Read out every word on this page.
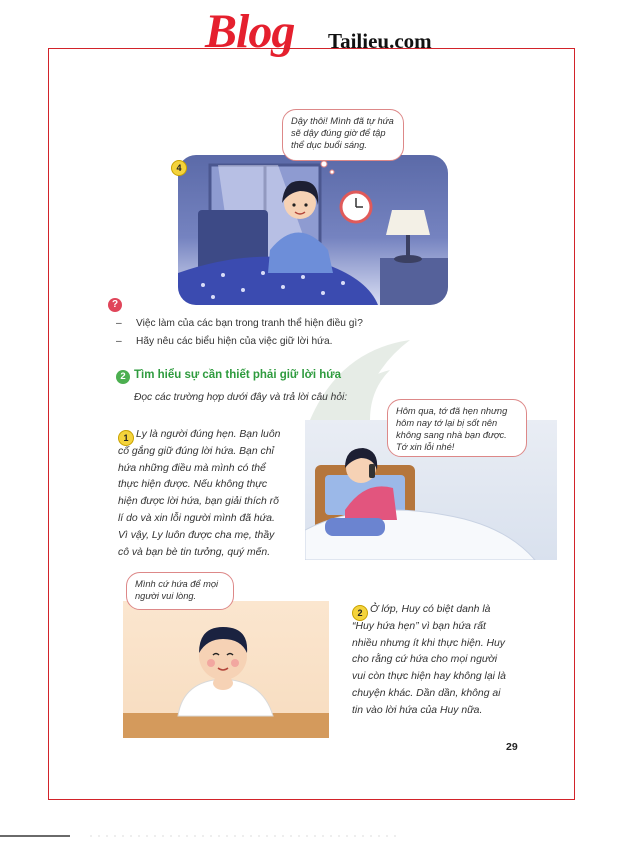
Blog Tailieu.com
4
Dậy thôi! Mình đã tự hứa sẽ dậy đúng giờ để tập thể dục buổi sáng.
?
– Việc làm của các bạn trong tranh thể hiện điều gì?
– Hãy nêu các biểu hiện của việc giữ lời hứa.
2 Tìm hiểu sự cần thiết phải giữ lời hứa
Đọc các trường hợp dưới đây và trả lời câu hỏi:
1 Ly là người đúng hẹn. Bạn luôn
cố gắng giữ đúng lời hứa. Bạn chỉ
hứa những điều mà mình có thể
thực hiện được. Nếu không thực
hiện được lời hứa, bạn giải thích rõ
lí do và xin lỗi người mình đã hứa.
Vì vậy, Ly luôn được cha mẹ, thầy
cô và bạn bè tin tưởng, quý mến.
Hôm qua, tớ đã hẹn nhưng hôm nay tớ lại bị sốt nên không sang nhà bạn được. Tớ xin lỗi nhé!
Mình cứ hứa để mọi người vui lòng.
2 Ở lớp, Huy có biệt danh là
“Huy hứa hẹn” vì bạn hứa rất
nhiều nhưng ít khi thực hiện. Huy
cho rằng cứ hứa cho mọi người
vui còn thực hiện hay không lại là
chuyện khác. Dần dần, không ai
tin vào lời hứa của Huy nữa.
29
